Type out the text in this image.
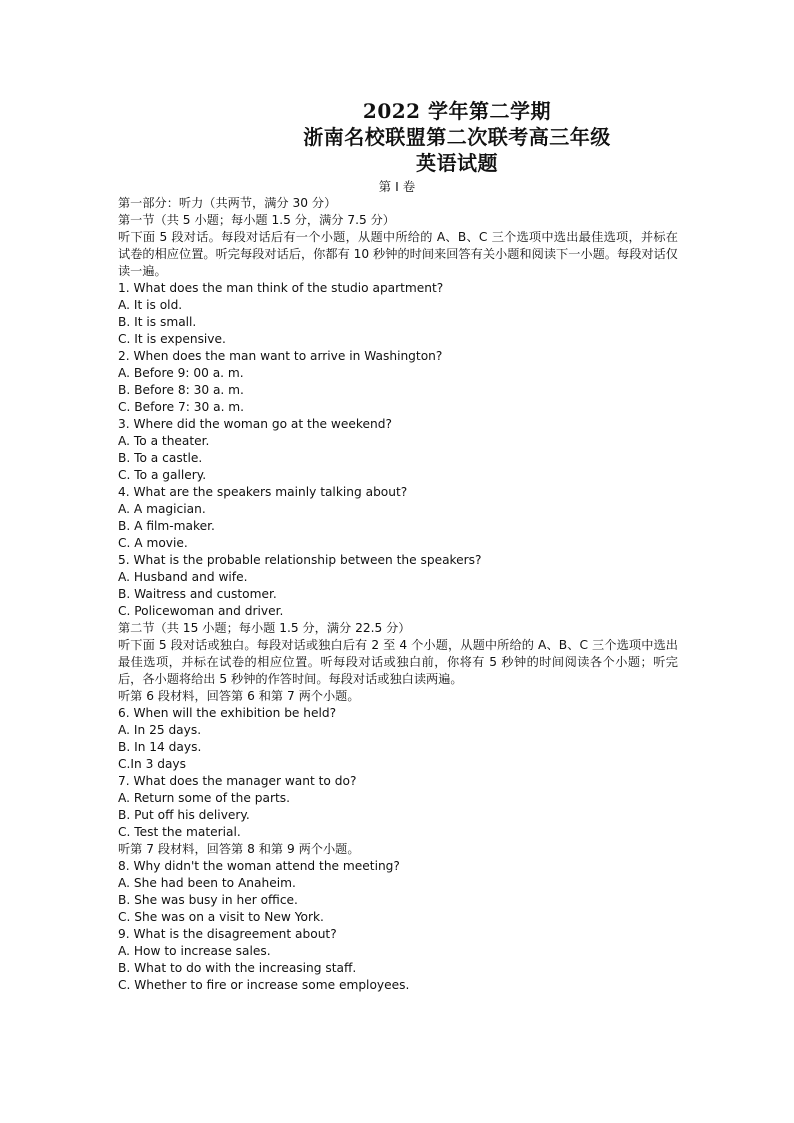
2022 学年第二学期
浙南名校联盟第二次联考高三年级
英语试题
第 I 卷
第一部分：听力（共两节，满分 30 分）
第一节（共 5 小题；每小题 1.5 分，满分 7.5 分）
听下面 5 段对话。每段对话后有一个小题，从题中所给的 A、B、C 三个选项中选出最佳选项，并标在试卷的相应位置。听完每段对话后，你都有 10 秒钟的时间来回答有关小题和阅读下一小题。每段对话仅读一遍。
1. What does the man think of the studio apartment?
A. It is old.
B. It is small.
C. It is expensive.
2. When does the man want to arrive in Washington?
A. Before 9: 00 a. m.
B. Before 8: 30 a. m.
C. Before 7: 30 a. m.
3. Where did the woman go at the weekend?
A. To a theater.
B. To a castle.
C. To a gallery.
4. What are the speakers mainly talking about?
A. A magician.
B. A film-maker.
C. A movie.
5. What is the probable relationship between the speakers?
A. Husband and wife.
B. Waitress and customer.
C. Policewoman and driver.
第二节（共 15 小题；每小题 1.5 分，满分 22.5 分）
听下面 5 段对话或独白。每段对话或独白后有 2 至 4 个小题，从题中所给的 A、B、C 三个选项中选出最佳选项，并标在试卷的相应位置。听每段对话或独白前，你将有 5 秒钟的时间阅读各个小题；听完后，各小题将给出 5 秒钟的作答时间。每段对话或独白读两遍。
听第 6 段材料，回答第 6 和第 7 两个小题。
6. When will the exhibition be held?
A. In 25 days.
B. In 14 days.
C.In 3 days
7. What does the manager want to do?
A. Return some of the parts.
B. Put off his delivery.
C. Test the material.
听第 7 段材料，回答第 8 和第 9 两个小题。
8. Why didn't the woman attend the meeting?
A. She had been to Anaheim.
B. She was busy in her office.
C. She was on a visit to New York.
9. What is the disagreement about?
A. How to increase sales.
B. What to do with the increasing staff.
C. Whether to fire or increase some employees.
